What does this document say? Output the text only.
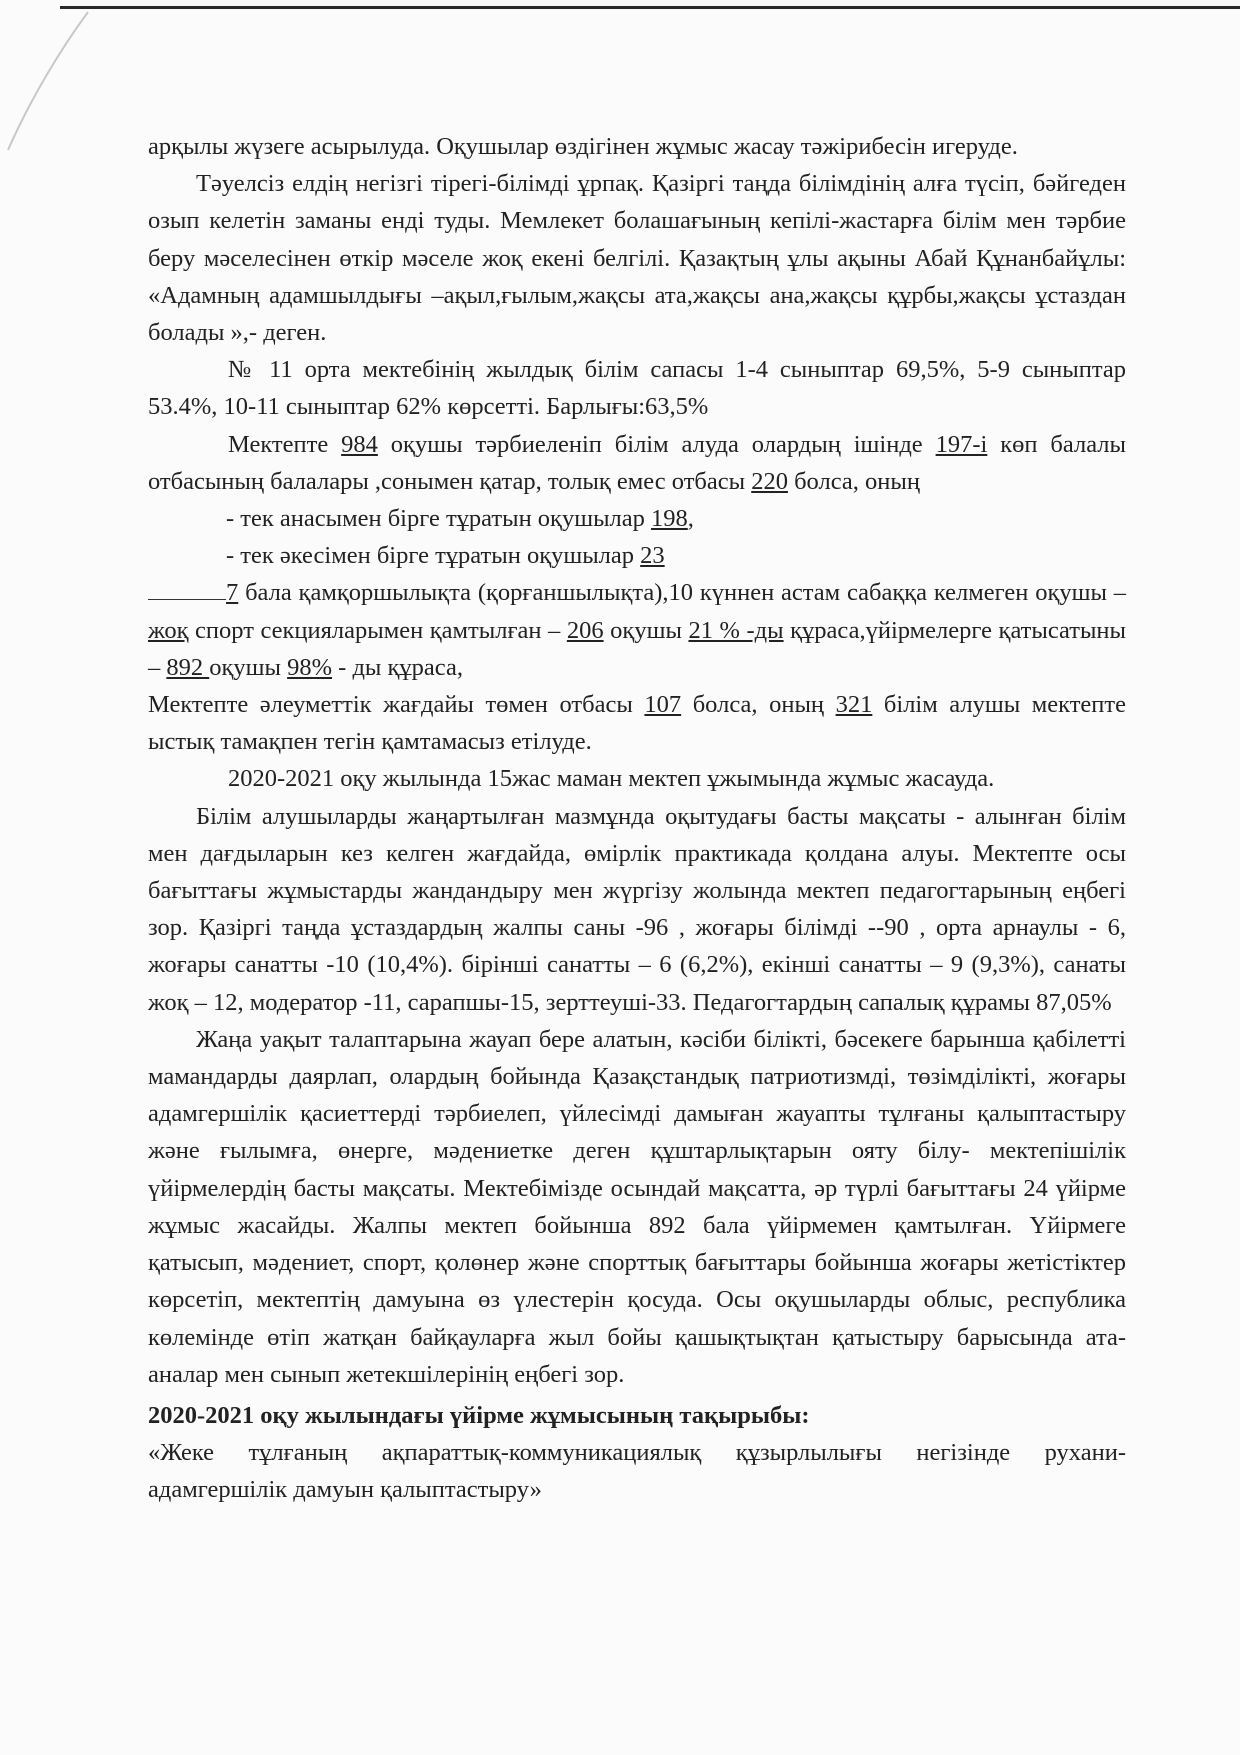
арқылы жүзеге асырылуда. Оқушылар өздігінен жұмыс жасау тәжірибесін игеруде.

Тәуелсіз елдің негізгі тірегі-білімді ұрпақ. Қазіргі таңда білімдінің алға түсіп, бәйгеден озып келетін заманы енді туды. Мемлекет болашағының кепілі-жастарға білім мен тәрбие беру мәселесінен өткір мәселе жоқ екені белгілі. Қазақтың ұлы ақыны Абай Құнанбайұлы: «Адамның адамшылдығы –ақыл,ғылым,жақсы ата,жақсы ана,жақсы құрбы,жақсы ұстаздан болады »,- деген.

№ 11 орта мектебінің жылдық білім сапасы 1-4 сыныптар 69,5%, 5-9 сыныптар 53.4%, 10-11 сыныптар 62% көрсетті. Барлығы:63,5%

Мектепте 984 оқушы тәрбиеленіп білім алуда олардың ішінде 197-і көп балалы отбасының балалары ,сонымен қатар, толық емес отбасы 220 болса, оның

- тек анасымен бірге тұратын оқушылар 198,

- тек әкесімен бірге тұратын оқушылар 23

7 бала қамқоршылықта (қорғаншылықта),10 күннен астам сабаққа келмеген оқушы – жоқ спорт секцияларымен қамтылған – 206 оқушы 21 % -ды құраса,үйірмелерге қатысатыны – 892 оқушы 98% - ды құраса,

Мектепте әлеуметтік жағдайы төмен отбасы 107 болса, оның 321 білім алушы мектепте ыстық тамақпен тегін қамтамасыз етілуде.

2020-2021 оқу жылында 15жас маман мектеп ұжымында жұмыс жасауда.

Білім алушыларды жаңартылған мазмұнда оқытудағы басты мақсаты - алынған білім мен дағдыларын кез келген жағдайда, өмірлік практикада қолдана алуы. Мектепте осы бағыттағы жұмыстарды жандандыру мен жүргізу жолында мектеп педагогтарының еңбегі зор. Қазіргі таңда ұстаздардың жалпы саны -96 , жоғары білімді --90 , орта арнаулы - 6, жоғары санатты -10 (10,4%). бірінші санатты – 6 (6,2%), екінші санатты – 9 (9,3%), санаты жоқ – 12, модератор -11, сарапшы-15, зерттеуші-33. Педагогтардың сапалық құрамы 87,05%

Жаңа уақыт талаптарына жауап бере алатын, кәсіби білікті, бәсекеге барынша қабілетті мамандарды даярлап, олардың бойында Қазақстандық патриотизмді, төзімділікті, жоғары адамгершілік қасиеттерді тәрбиелеп, үйлесімді дамыған жауапты тұлғаны қалыптастыру және ғылымға, өнерге, мәдениетке деген құштарлықтарын ояту білу- мектепішілік үйірмелердің басты мақсаты. Мектебімізде осындай мақсатта, әр түрлі бағыттағы 24 үйірме жұмыс жасайды. Жалпы мектеп бойынша 892 бала үйірмемен қамтылған. Үйірмеге қатысып, мәдениет, спорт, қолөнер және спорттық бағыттары бойынша жоғары жетістіктер көрсетіп, мектептің дамуына өз үлестерін қосуда. Осы оқушыларды облыс, республика көлемінде өтіп жатқан байқауларға жыл бойы қашықтықтан қатыстыру барысында ата-аналар мен сынып жетекшілерінің еңбегі зор.

2020-2021 оқу жылындағы үйірме жұмысының тақырыбы:

«Жеке тұлғаның ақпараттық-коммуникациялық құзырлылығы негізінде рухани- адамгершілік дамуын қалыптастыру»
